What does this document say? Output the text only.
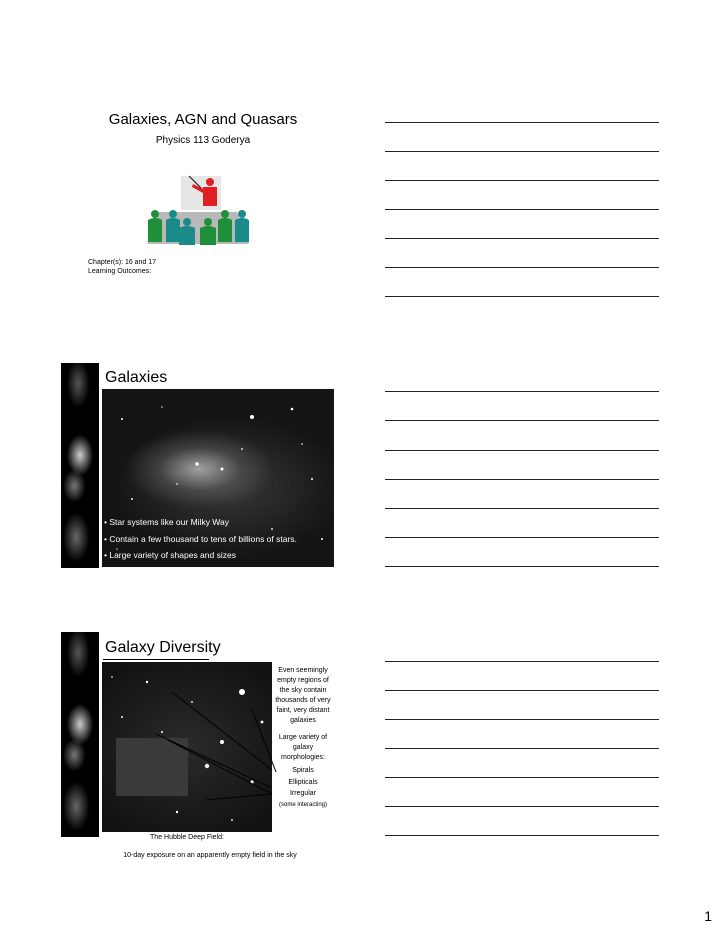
Galaxies, AGN and Quasars
Physics 113 Goderya
Chapter(s): 16 and 17
Learning Outcomes:
Galaxies
• Star systems like our Milky Way
• Contain a few thousand to tens of billions of stars.
• Large variety of shapes and sizes
Galaxy Diversity
Even seemingly empty regions of the sky contain thousands of very faint, very distant galaxies
Large variety of galaxy morphologies:
Spirals
Ellipticals
Irregular
(some interacting)
The Hubble Deep Field:
10-day exposure on an apparently empty field in the sky
1
